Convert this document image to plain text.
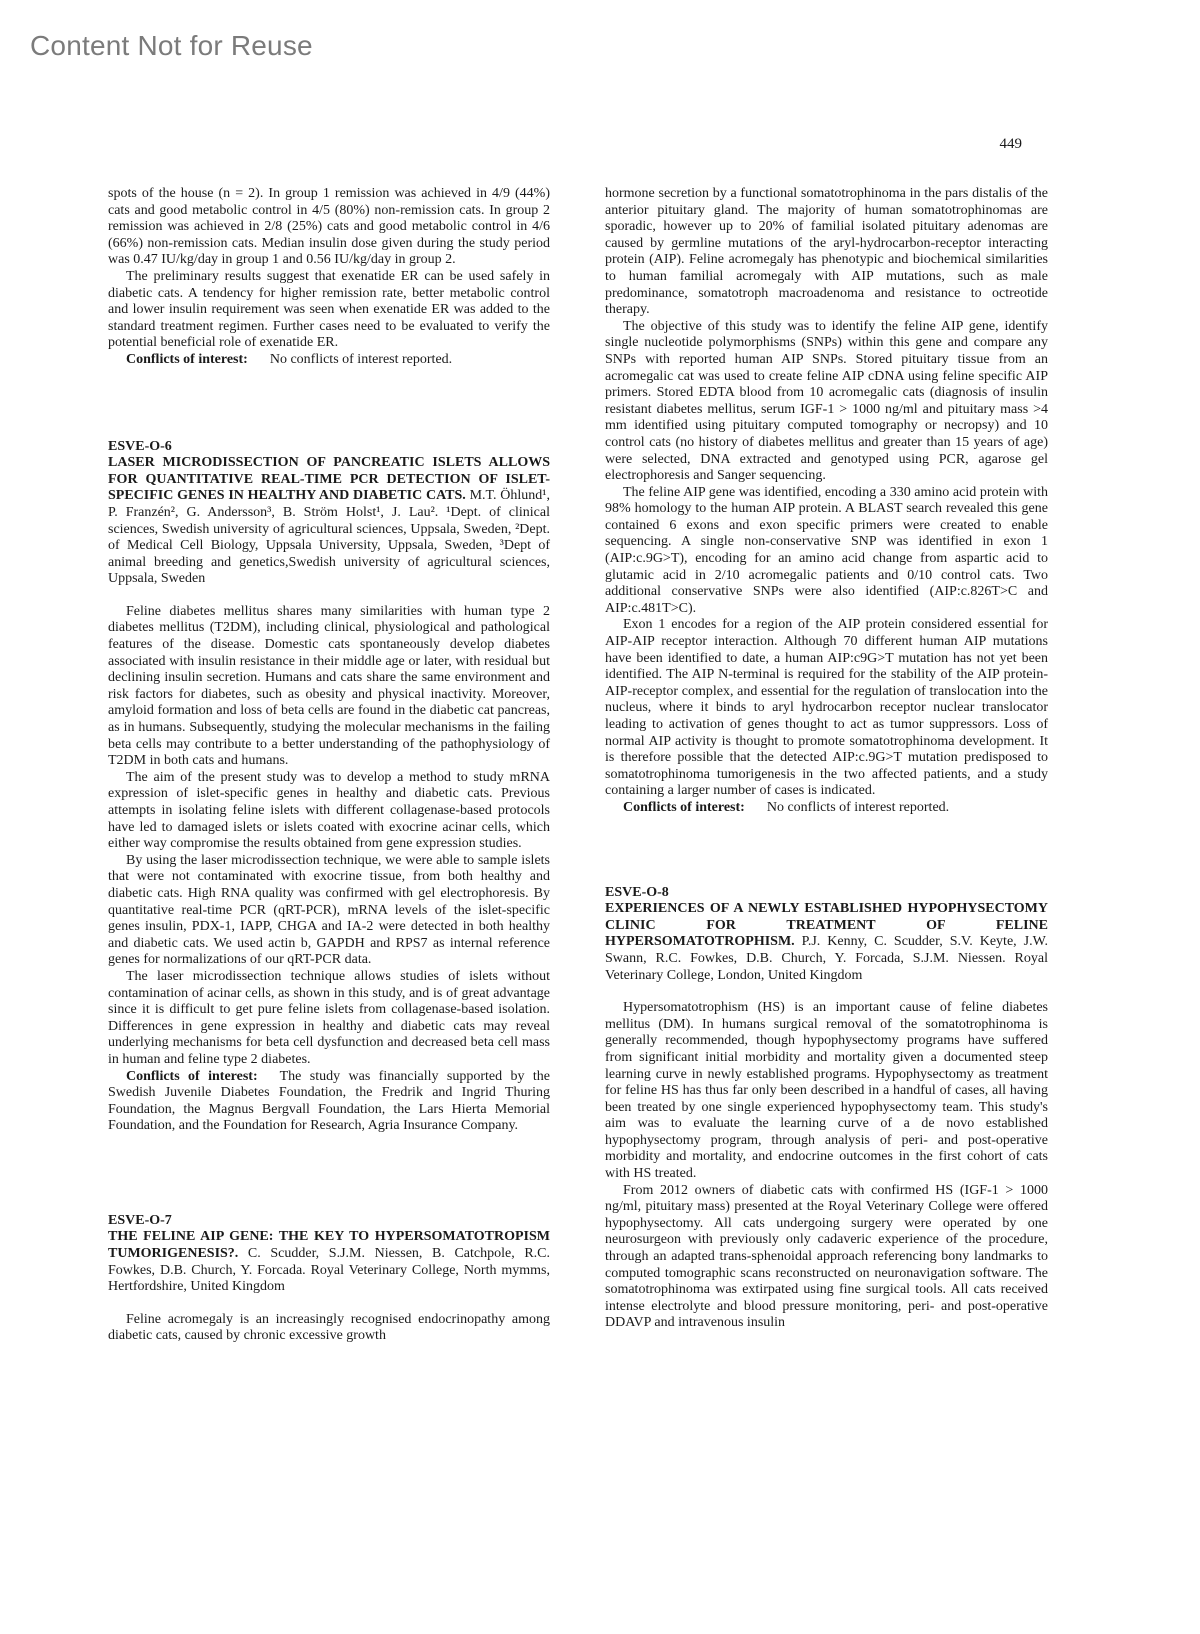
Content Not for Reuse
449

spots of the house (n = 2). In group 1 remission was achieved in 4/9 (44%) cats and good metabolic control in 4/5 (80%) non-remission cats. In group 2 remission was achieved in 2/8 (25%) cats and good metabolic control in 4/6 (66%) non-remission cats. Median insulin dose given during the study period was 0.47 IU/kg/day in group 1 and 0.56 IU/kg/day in group 2.

The preliminary results suggest that exenatide ER can be used safely in diabetic cats. A tendency for higher remission rate, better metabolic control and lower insulin requirement was seen when exenatide ER was added to the standard treatment regimen. Further cases need to be evaluated to verify the potential beneficial role of exenatide ER.

Conflicts of interest: No conflicts of interest reported.

ESVE-O-6

LASER MICRODISSECTION OF PANCREATIC ISLETS ALLOWS FOR QUANTITATIVE REAL-TIME PCR DETECTION OF ISLET-SPECIFIC GENES IN HEALTHY AND DIABETIC CATS. M.T. Öhlund¹, P. Franzén², G. Andersson³, B. Ström Holst¹, J. Lau². ¹Dept. of clinical sciences, Swedish university of agricultural sciences, Uppsala, Sweden, ²Dept. of Medical Cell Biology, Uppsala University, Uppsala, Sweden, ³Dept of animal breeding and genetics,Swedish university of agricultural sciences, Uppsala, Sweden

Feline diabetes mellitus shares many similarities with human type 2 diabetes mellitus (T2DM), including clinical, physiological and pathological features of the disease. Domestic cats spontaneously develop diabetes associated with insulin resistance in their middle age or later, with residual but declining insulin secretion. Humans and cats share the same environment and risk factors for diabetes, such as obesity and physical inactivity. Moreover, amyloid formation and loss of beta cells are found in the diabetic cat pancreas, as in humans. Subsequently, studying the molecular mechanisms in the failing beta cells may contribute to a better understanding of the pathophysiology of T2DM in both cats and humans.

The aim of the present study was to develop a method to study mRNA expression of islet-specific genes in healthy and diabetic cats. Previous attempts in isolating feline islets with different collagenase-based protocols have led to damaged islets or islets coated with exocrine acinar cells, which either way compromise the results obtained from gene expression studies.

By using the laser microdissection technique, we were able to sample islets that were not contaminated with exocrine tissue, from both healthy and diabetic cats. High RNA quality was confirmed with gel electrophoresis. By quantitative real-time PCR (qRT-PCR), mRNA levels of the islet-specific genes insulin, PDX-1, IAPP, CHGA and IA-2 were detected in both healthy and diabetic cats. We used actin b, GAPDH and RPS7 as internal reference genes for normalizations of our qRT-PCR data.

The laser microdissection technique allows studies of islets without contamination of acinar cells, as shown in this study, and is of great advantage since it is difficult to get pure feline islets from collagenase-based isolation. Differences in gene expression in healthy and diabetic cats may reveal underlying mechanisms for beta cell dysfunction and decreased beta cell mass in human and feline type 2 diabetes.

Conflicts of interest: The study was financially supported by the Swedish Juvenile Diabetes Foundation, the Fredrik and Ingrid Thuring Foundation, the Magnus Bergvall Foundation, the Lars Hierta Memorial Foundation, and the Foundation for Research, Agria Insurance Company.

ESVE-O-7

THE FELINE AIP GENE: THE KEY TO HYPERSOMATOTROPISM TUMORIGENESIS?. C. Scudder, S.J.M. Niessen, B. Catchpole, R.C. Fowkes, D.B. Church, Y. Forcada. Royal Veterinary College, North mymms, Hertfordshire, United Kingdom

Feline acromegaly is an increasingly recognised endocrinopathy among diabetic cats, caused by chronic excessive growth

hormone secretion by a functional somatotrophinoma in the pars distalis of the anterior pituitary gland. The majority of human somatotrophinomas are sporadic, however up to 20% of familial isolated pituitary adenomas are caused by germline mutations of the aryl-hydrocarbon-receptor interacting protein (AIP). Feline acromegaly has phenotypic and biochemical similarities to human familial acromegaly with AIP mutations, such as male predominance, somatotroph macroadenoma and resistance to octreotide therapy.

The objective of this study was to identify the feline AIP gene, identify single nucleotide polymorphisms (SNPs) within this gene and compare any SNPs with reported human AIP SNPs. Stored pituitary tissue from an acromegalic cat was used to create feline AIP cDNA using feline specific AIP primers. Stored EDTA blood from 10 acromegalic cats (diagnosis of insulin resistant diabetes mellitus, serum IGF-1 > 1000 ng/ml and pituitary mass >4 mm identified using pituitary computed tomography or necropsy) and 10 control cats (no history of diabetes mellitus and greater than 15 years of age) were selected, DNA extracted and genotyped using PCR, agarose gel electrophoresis and Sanger sequencing.

The feline AIP gene was identified, encoding a 330 amino acid protein with 98% homology to the human AIP protein. A BLAST search revealed this gene contained 6 exons and exon specific primers were created to enable sequencing. A single non-conservative SNP was identified in exon 1 (AIP:c.9G>T), encoding for an amino acid change from aspartic acid to glutamic acid in 2/10 acromegalic patients and 0/10 control cats. Two additional conservative SNPs were also identified (AIP:c.826T>C and AIP:c.481T>C).

Exon 1 encodes for a region of the AIP protein considered essential for AIP-AIP receptor interaction. Although 70 different human AIP mutations have been identified to date, a human AIP:c9G>T mutation has not yet been identified. The AIP N-terminal is required for the stability of the AIP protein-AIP-receptor complex, and essential for the regulation of translocation into the nucleus, where it binds to aryl hydrocarbon receptor nuclear translocator leading to activation of genes thought to act as tumor suppressors. Loss of normal AIP activity is thought to promote somatotrophinoma development. It is therefore possible that the detected AIP:c.9G>T mutation predisposed to somatotrophinoma tumorigenesis in the two affected patients, and a study containing a larger number of cases is indicated.

Conflicts of interest: No conflicts of interest reported.

ESVE-O-8

EXPERIENCES OF A NEWLY ESTABLISHED HYPOPHYSECTOMY CLINIC FOR TREATMENT OF FELINE HYPERSOMATOTROPHISM. P.J. Kenny, C. Scudder, S.V. Keyte, J.W. Swann, R.C. Fowkes, D.B. Church, Y. Forcada, S.J.M. Niessen. Royal Veterinary College, London, United Kingdom

Hypersomatotrophism (HS) is an important cause of feline diabetes mellitus (DM). In humans surgical removal of the somatotrophinoma is generally recommended, though hypophysectomy programs have suffered from significant initial morbidity and mortality given a documented steep learning curve in newly established programs. Hypophysectomy as treatment for feline HS has thus far only been described in a handful of cases, all having been treated by one single experienced hypophysectomy team. This study's aim was to evaluate the learning curve of a de novo established hypophysectomy program, through analysis of peri- and post-operative morbidity and mortality, and endocrine outcomes in the first cohort of cats with HS treated.

From 2012 owners of diabetic cats with confirmed HS (IGF-1 > 1000 ng/ml, pituitary mass) presented at the Royal Veterinary College were offered hypophysectomy. All cats undergoing surgery were operated by one neurosurgeon with previously only cadaveric experience of the procedure, through an adapted trans-sphenoidal approach referencing bony landmarks to computed tomographic scans reconstructed on neuronavigation software. The somatotrophinoma was extirpated using fine surgical tools. All cats received intense electrolyte and blood pressure monitoring, peri- and post-operative DDAVP and intravenous insulin
